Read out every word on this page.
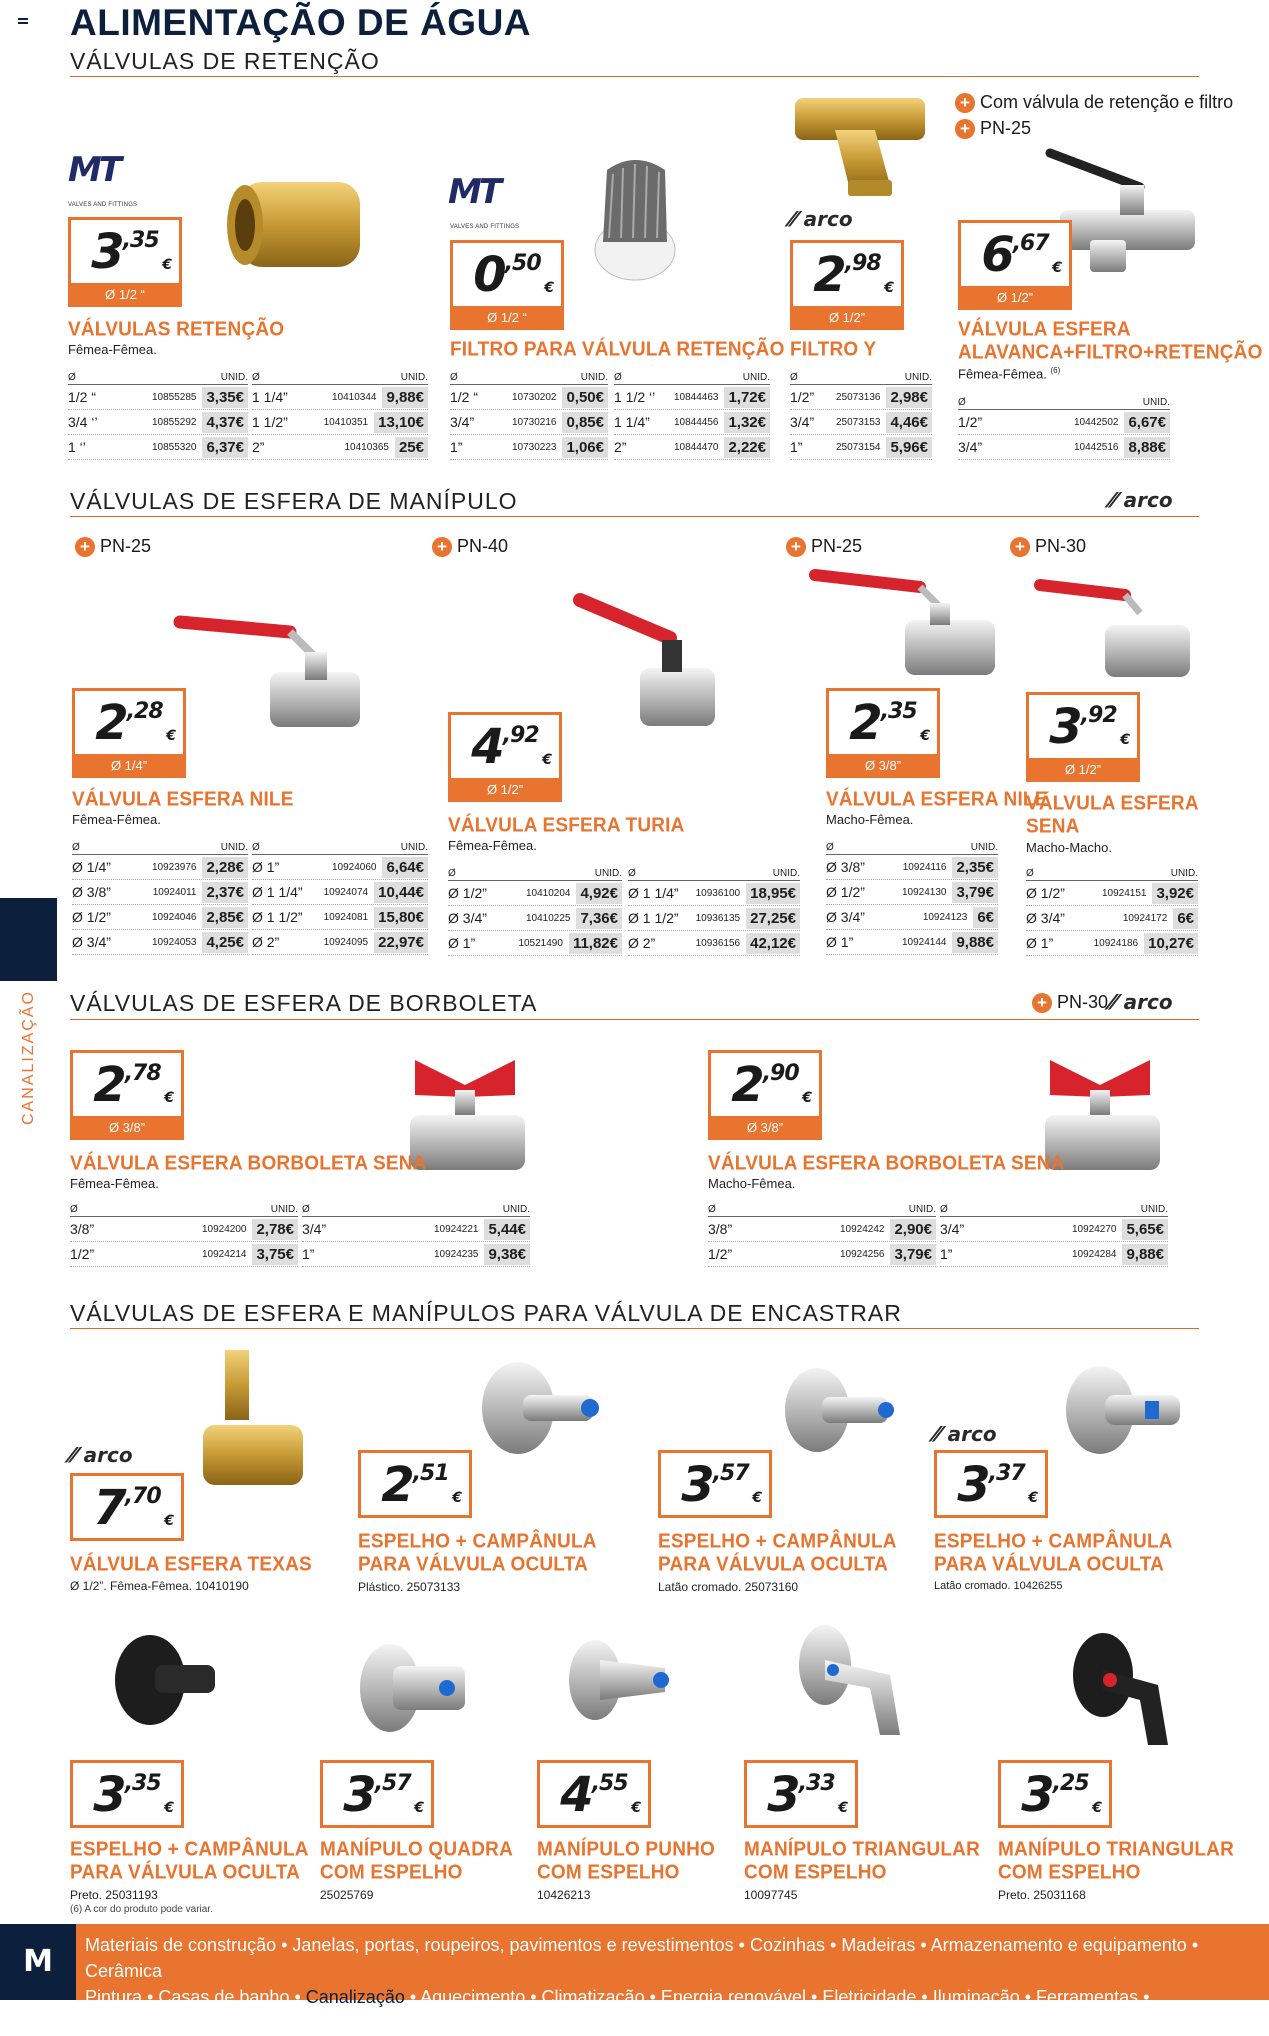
ALIMENTAÇÃO DE ÁGUA
VÁLVULAS DE RETENÇÃO
MT
VALVES AND FITTINGS
3,35
€
Ø 1/2 “
VÁLVULAS RETENÇÃO
Fêmea-Fêmea.
Ø	UNID.
1/2 “	10855285 3,35€
3/4 ‘’	10855292 4,37€
1 ‘’	10855320 6,37€
Ø	UNID.
1 1/4”	10410344 9,88€
1 1/2”	10410351 13,10€
2”	10410365 25€
MT
VALVES AND FITTINGS
0,50
€
Ø 1/2 “
FILTRO PARA VÁLVULA RETENÇÃO
Ø	UNID.
1/2 “	10730202 0,50€
3/4”	10730216 0,85€
1”	10730223 1,06€
Ø	UNID.
1 1/2 ‘’	10844463 1,72€
1 1/4”	10844456 1,32€
2”	10844470 2,22€
⁄⁄ arco
2,98
€
Ø 1/2”
FILTRO Y
Ø	UNID.
1/2”	25073136 2,98€
3/4”	25073153 4,46€
1”	25073154 5,96€
+ Com válvula de retenção e filtro
+ PN-25
6,67
€
Ø 1/2”
VÁLVULA ESFERA
ALAVANCA+FILTRO+RETENÇÃO
Fêmea-Fêmea. $^{(6)}$
Ø	UNID.
1/2”	10442502 6,67€
3/4”	10442516 8,88€
VÁLVULAS DE ESFERA DE MANÍPULO	⁄⁄ arco
+ PN-25	+ PN-40	+ PN-25	+ PN-30
2,28
€
Ø 1/4”
VÁLVULA ESFERA NILE
Fêmea-Fêmea.
Ø	UNID.
Ø 1/4”	10923976 2,28€
Ø 3/8”	10924011 2,37€
Ø 1/2”	10924046 2,85€
Ø 3/4”	10924053 4,25€
Ø	UNID.
Ø 1”	10924060 6,64€
Ø 1 1/4”	10924074 10,44€
Ø 1 1/2”	10924081 15,80€
Ø 2”	10924095 22,97€
4,92
€
Ø 1/2”
VÁLVULA ESFERA TURIA
Fêmea-Fêmea.
Ø	UNID.
Ø 1/2”	10410204 4,92€
Ø 3/4”	10410225 7,36€
Ø 1”	10521490 11,82€
Ø	UNID.
Ø 1 1/4”	10936100 18,95€
Ø 1 1/2”	10936135 27,25€
Ø 2”	10936156 42,12€
2,35
€
Ø 3/8”
VÁLVULA ESFERA NILE
Macho-Fêmea.
Ø	UNID.
Ø 3/8”	10924116 2,35€
Ø 1/2”	10924130 3,79€
Ø 3/4”	10924123 6€
Ø 1”	10924144 9,88€
3,92
€
Ø 1/2”
VÁLVULA ESFERA
SENA
Macho-Macho.
Ø	UNID.
Ø 1/2”	10924151 3,92€
Ø 3/4”	10924172 6€
Ø 1”	10924186 10,27€
VÁLVULAS DE ESFERA DE BORBOLETA	+ PN-30 ⁄⁄ arco
2,78
€
Ø 3/8”
VÁLVULA ESFERA BORBOLETA SENA
Fêmea-Fêmea.
Ø	UNID.
3/8”	10924200 2,78€
1/2”	10924214 3,75€
Ø	UNID.
3/4”	10924221 5,44€
1”	10924235 9,38€
2,90
€
Ø 3/8”
VÁLVULA ESFERA BORBOLETA SENA
Macho-Fêmea.
Ø	UNID.
3/8”	10924242 2,90€
1/2”	10924256 3,79€
Ø	UNID.
3/4”	10924270 5,65€
1”	10924284 9,88€
VÁLVULAS DE ESFERA E MANÍPULOS PARA VÁLVULA DE ENCASTRAR
⁄⁄ arco
7,70
€
VÁLVULA ESFERA TEXAS
Ø 1/2”. Fêmea-Fêmea. 10410190
2,51
€
ESPELHO + CAMPÂNULA
PARA VÁLVULA OCULTA
Plástico. 25073133
3,57
€
ESPELHO + CAMPÂNULA
PARA VÁLVULA OCULTA
Latão cromado. 25073160
⁄⁄ arco
3,37
€
ESPELHO + CAMPÂNULA
PARA VÁLVULA OCULTA
Latão cromado. 10426255
3,35
€
ESPELHO + CAMPÂNULA
PARA VÁLVULA OCULTA
Preto. 25031193
(6) A cor do produto pode variar.
3,57
€
MANÍPULO QUADRA
COM ESPELHO
25025769
4,55
€
MANÍPULO PUNHO
COM ESPELHO
10426213
3,33
€
MANÍPULO TRIANGULAR
COM ESPELHO
10097745
3,25
€
MANÍPULO TRIANGULAR
COM ESPELHO
Preto. 25031168
CANALIZAÇÃO
M	Materiais de construção • Janelas, portas, roupeiros, pavimentos e revestimentos • Cozinhas • Madeiras • Armazenamento e equipamento • Cerâmica
Pintura • Casas de banho • Canalização • Aquecimento • Climatização • Energia renovável • Eletricidade • Iluminação • Ferramentas • Ferragens
